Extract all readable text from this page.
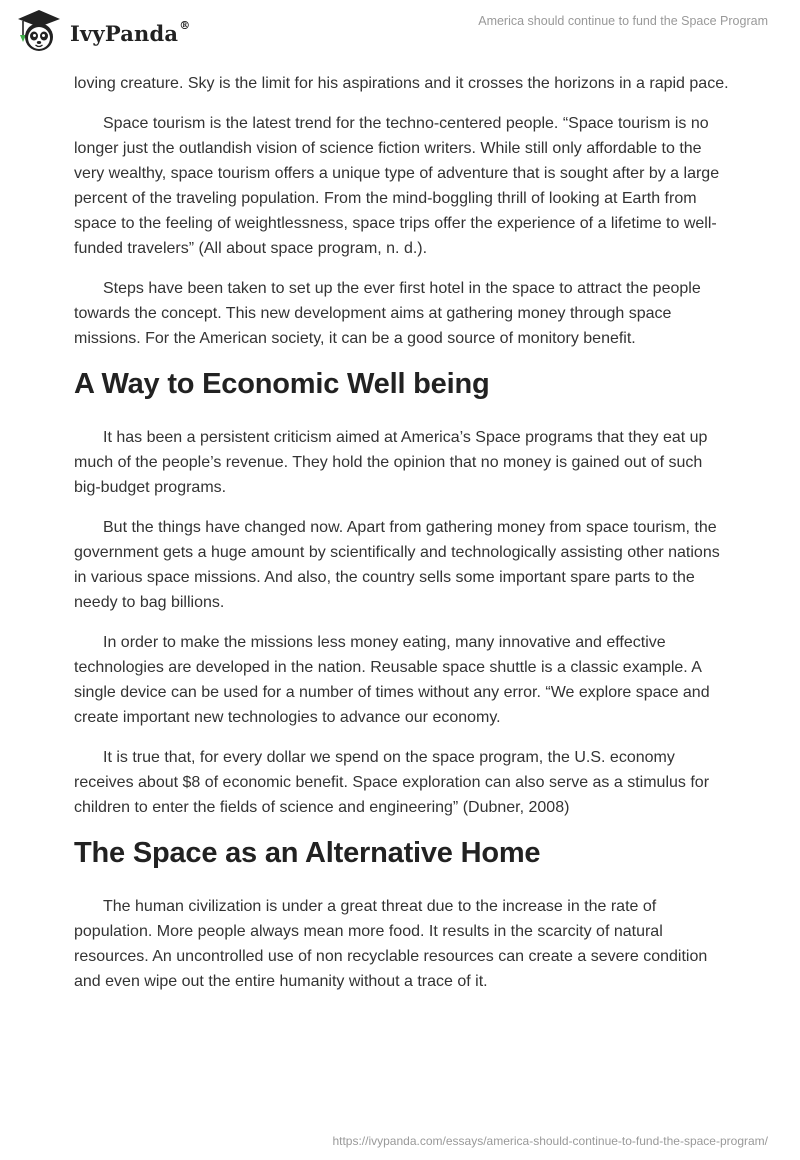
IvyPanda®	America should continue to fund the Space Program

loving creature. Sky is the limit for his aspirations and it crosses the horizons in a rapid pace.

Space tourism is the latest trend for the techno-centered people. “Space tourism is no longer just the outlandish vision of science fiction writers. While still only affordable to the very wealthy, space tourism offers a unique type of adventure that is sought after by a large percent of the traveling population. From the mind-boggling thrill of looking at Earth from space to the feeling of weightlessness, space trips offer the experience of a lifetime to well-funded travelers” (All about space program, n. d.).

Steps have been taken to set up the ever first hotel in the space to attract the people towards the concept. This new development aims at gathering money through space missions. For the American society, it can be a good source of monitory benefit.

A Way to Economic Well being

It has been a persistent criticism aimed at America’s Space programs that they eat up much of the people’s revenue. They hold the opinion that no money is gained out of such big-budget programs.

But the things have changed now. Apart from gathering money from space tourism, the government gets a huge amount by scientifically and technologically assisting other nations in various space missions. And also, the country sells some important spare parts to the needy to bag billions.

In order to make the missions less money eating, many innovative and effective technologies are developed in the nation. Reusable space shuttle is a classic example. A single device can be used for a number of times without any error. “We explore space and create important new technologies to advance our economy.

It is true that, for every dollar we spend on the space program, the U.S. economy receives about $8 of economic benefit. Space exploration can also serve as a stimulus for children to enter the fields of science and engineering” (Dubner, 2008)

The Space as an Alternative Home

The human civilization is under a great threat due to the increase in the rate of population. More people always mean more food. It results in the scarcity of natural resources. An uncontrolled use of non recyclable resources can create a severe condition and even wipe out the entire humanity without a trace of it.

https://ivypanda.com/essays/america-should-continue-to-fund-the-space-program/
